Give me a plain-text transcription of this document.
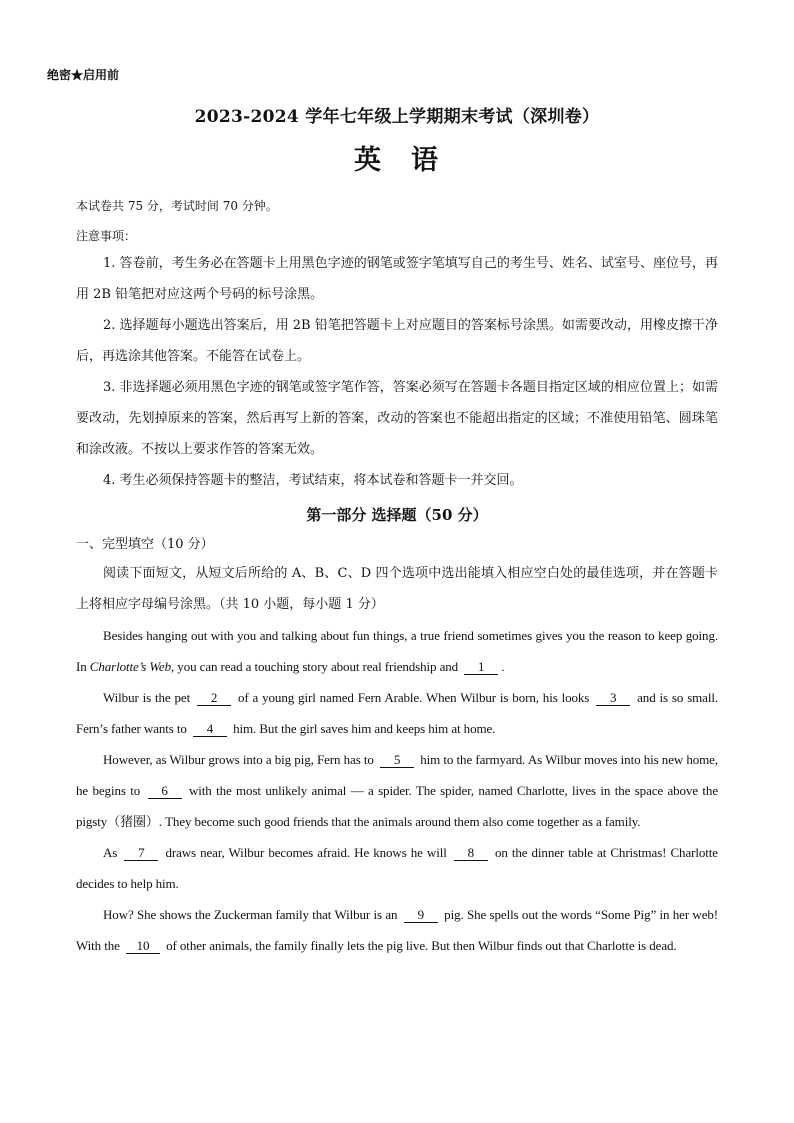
绝密★启用前
2023-2024 学年七年级上学期期末考试（深圳卷）
英 语

本试卷共 75 分，考试时间 70 分钟。

注意事项：

1. 答卷前，考生务必在答题卡上用黑色字迹的钢笔或签字笔填写自己的考生号、姓名、试室号、座位号，再用 2B 铅笔把对应这两个号码的标号涂黑。

2. 选择题每小题选出答案后，用 2B 铅笔把答题卡上对应题目的答案标号涂黑。如需要改动，用橡皮擦干净后，再选涂其他答案。不能答在试卷上。

3. 非选择题必须用黑色字迹的钢笔或签字笔作答，答案必须写在答题卡各题目指定区域的相应位置上；如需要改动，先划掉原来的答案，然后再写上新的答案，改动的答案也不能超出指定的区域；不准使用铅笔、圆珠笔和涂改液。不按以上要求作答的答案无效。

4. 考生必须保持答题卡的整洁，考试结束，将本试卷和答题卡一并交回。

第一部分 选择题（50 分）

一、完型填空（10 分）

阅读下面短文，从短文后所给的 A、B、C、D 四个选项中选出能填入相应空白处的最佳选项，并在答题卡上将相应字母编号涂黑。（共 10 小题，每小题 1 分）

Besides hanging out with you and talking about fun things, a true friend sometimes gives you the reason to keep going. In Charlotte’s Web, you can read a touching story about real friendship and 1 .

Wilbur is the pet 2 of a young girl named Fern Arable. When Wilbur is born, his looks 3 and is so small. Fern’s father wants to 4 him. But the girl saves him and keeps him at home.

However, as Wilbur grows into a big pig, Fern has to 5 him to the farmyard. As Wilbur moves into his new home, he begins to 6 with the most unlikely animal — a spider. The spider, named Charlotte, lives in the space above the pigsty（猪圈）. They become such good friends that the animals around them also come together as a family.

As 7 draws near, Wilbur becomes afraid. He knows he will 8 on the dinner table at Christmas! Charlotte decides to help him.

How? She shows the Zuckerman family that Wilbur is an 9 pig. She spells out the words “Some Pig” in her web! With the 10 of other animals, the family finally lets the pig live. But then Wilbur finds out that Charlotte is dead.
